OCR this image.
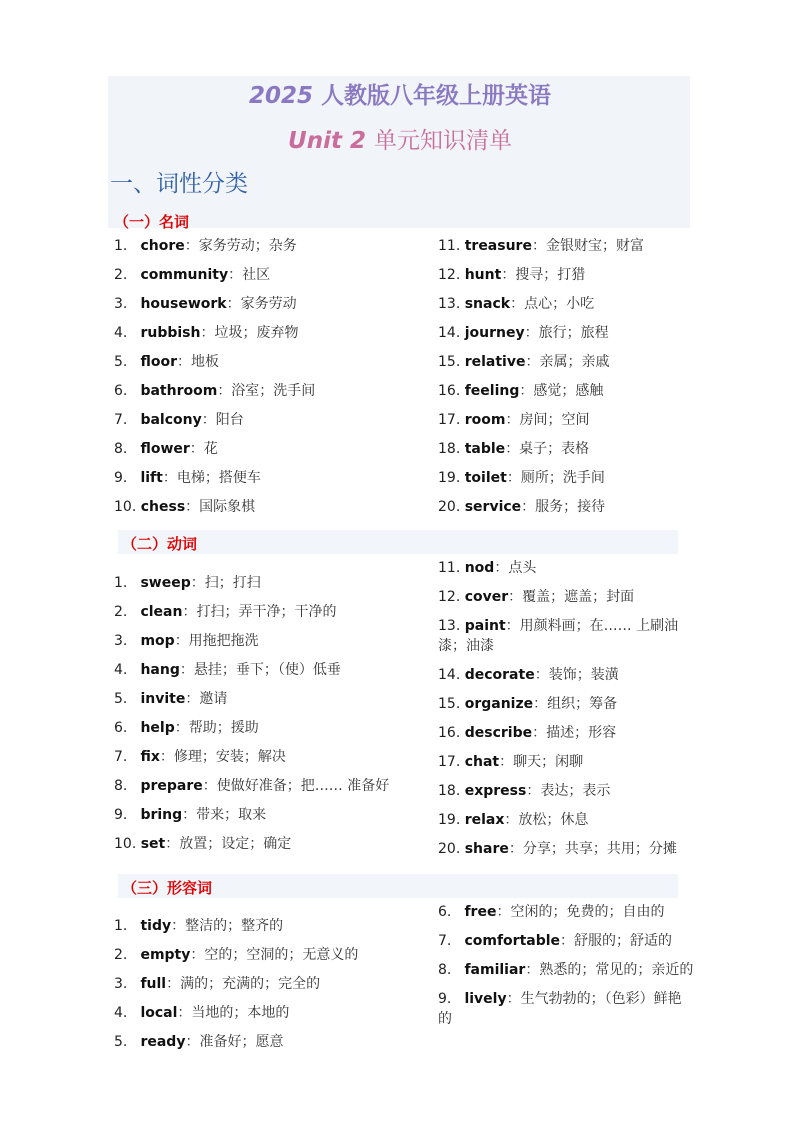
2025 人教版八年级上册英语
Unit 2 单元知识清单
一、词性分类
（一）名词
1. chore：家务劳动；杂务
2. community：社区
3. housework：家务劳动
4. rubbish：垃圾；废弃物
5. floor：地板
6. bathroom：浴室；洗手间
7. balcony：阳台
8. flower：花
9. lift：电梯；搭便车
10. chess：国际象棋
11. treasure：金银财宝；财富
12. hunt：搜寻；打猎
13. snack：点心；小吃
14. journey：旅行；旅程
15. relative：亲属；亲戚
16. feeling：感觉；感触
17. room：房间；空间
18. table：桌子；表格
19. toilet：厕所；洗手间
20. service：服务；接待
（二）动词
1. sweep：扫；打扫
2. clean：打扫；弄干净；干净的
3. mop：用拖把拖洗
4. hang：悬挂；垂下；（使）低垂
5. invite：邀请
6. help：帮助；援助
7. fix：修理；安装；解决
8. prepare：使做好准备；把…… 准备好
9. bring：带来；取来
10. set：放置；设定；确定
11. nod：点头
12. cover：覆盖；遮盖；封面
13. paint：用颜料画；在…… 上刷油漆；油漆
14. decorate：装饰；装潢
15. organize：组织；筹备
16. describe：描述；形容
17. chat：聊天；闲聊
18. express：表达；表示
19. relax：放松；休息
20. share：分享；共享；共用；分摊
（三）形容词
1. tidy：整洁的；整齐的
2. empty：空的；空洞的；无意义的
3. full：满的；充满的；完全的
4. local：当地的；本地的
5. ready：准备好；愿意
6. free：空闲的；免费的；自由的
7. comfortable：舒服的；舒适的
8. familiar：熟悉的；常见的；亲近的
9. lively：生气勃勃的；（色彩）鲜艳的
